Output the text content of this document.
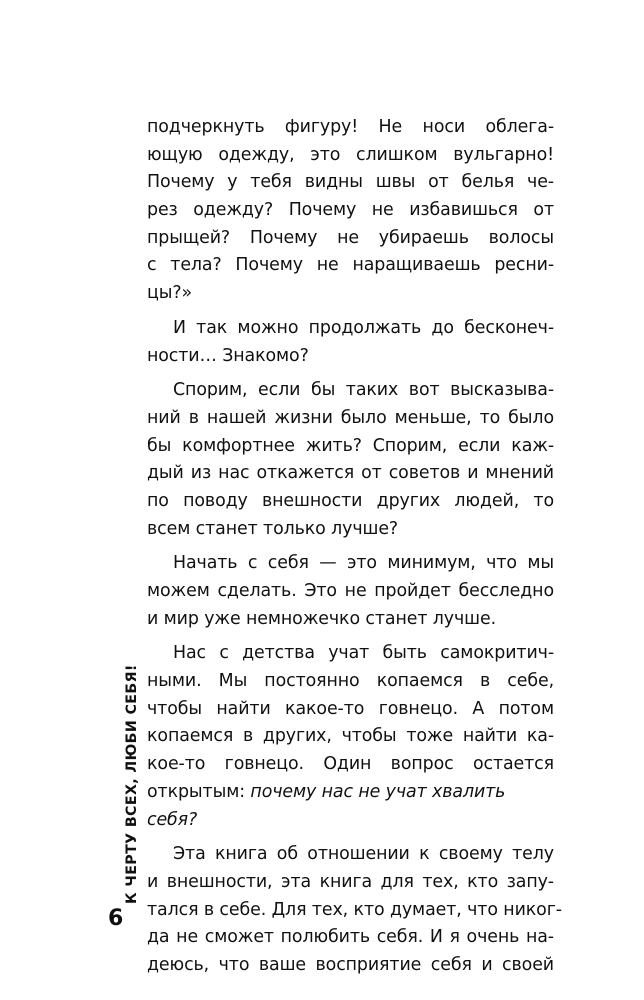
подчеркнуть фигуру! Не носи облега-
ющую одежду, это слишком вульгарно!
Почему у тебя видны швы от белья че-
рез одежду? Почему не избавишься от
прыщей? Почему не убираешь волосы
с тела? Почему не наращиваешь ресни-
цы?»
И так можно продолжать до бесконеч-
ности… Знакомо?
Спорим, если бы таких вот высказыва-
ний в нашей жизни было меньше, то было
бы комфортнее жить? Спорим, если каж-
дый из нас откажется от советов и мнений
по поводу внешности других людей, то
всем станет только лучше?
Начать с себя — это минимум, что мы
можем сделать. Это не пройдет бесследно
и мир уже немножечко станет лучше.
Нас с детства учат быть самокритич-
ными. Мы постоянно копаемся в себе,
чтобы найти какое-то говнецо. А потом
копаемся в других, чтобы тоже найти ка-
кое-то говнецо. Один вопрос остается
открытым: почему нас не учат хвалить
себя?
Эта книга об отношении к своему телу
и внешности, эта книга для тех, кто запу-
тался в себе. Для тех, кто думает, что никог-
да не сможет полюбить себя. И я очень на-
деюсь, что ваше восприятие себя и своей
К ЧЕРТУ ВСЕХ, ЛЮБИ СЕБЯ!
6
